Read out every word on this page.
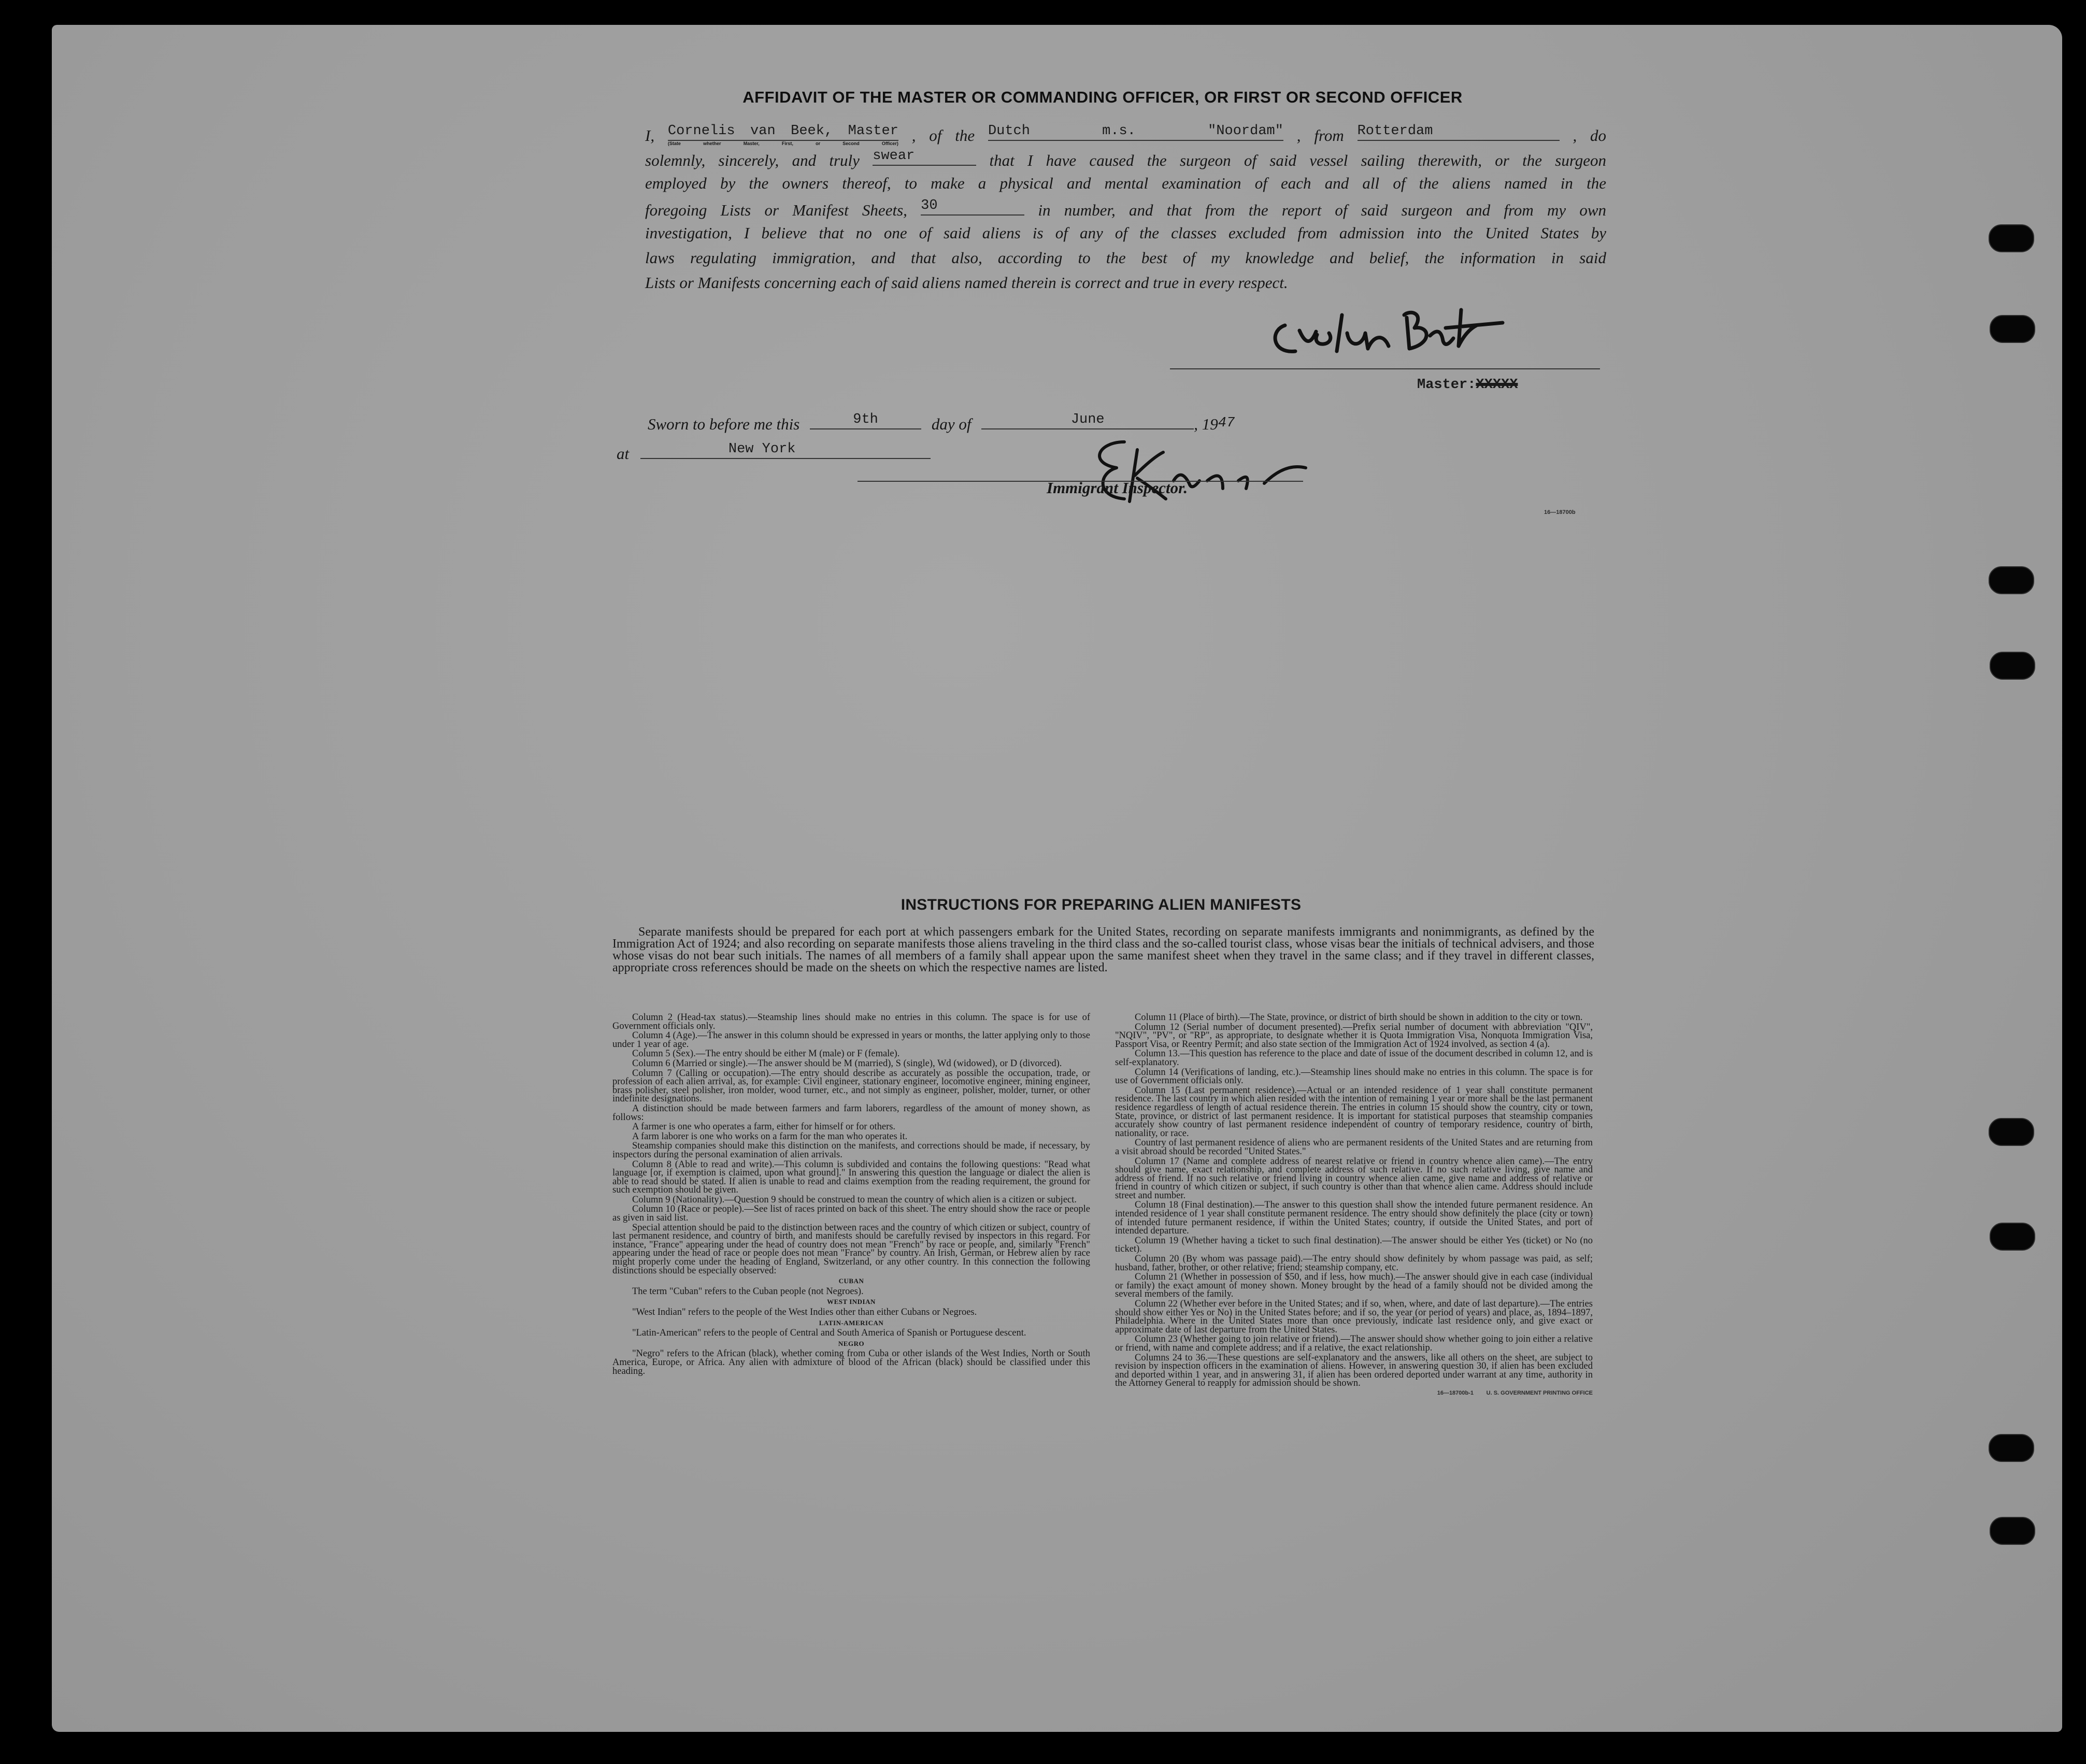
AFFIDAVIT OF THE MASTER OR COMMANDING OFFICER, OR FIRST OR SECOND OFFICER
I, Cornelis van Beek, Master
(State whether Master, First, or Second Officer) , of the Dutch m.s. "Noordam" , from Rotterdam	, do
solemnly, sincerely, and truly swear	that I have caused the surgeon of said vessel sailing therewith, or the surgeon
employed by the owners thereof, to make a physical and mental examination of each and all of the aliens named in the
foregoing Lists or Manifest Sheets, 30	in number, and that from the report of said surgeon and from my own
investigation, I believe that no one of said aliens is of any of the classes excluded from admission into the United States by
laws regulating immigration, and that also, according to the best of my knowledge and belief, the information in said
Lists or Manifests concerning each of said aliens named therein is correct and true in every respect.
Master:XXXXX
Sworn to before me this	9th	day of	June	, 1947
at	New York
Immigrant Inspector.
16—18700b
INSTRUCTIONS FOR PREPARING ALIEN MANIFESTS
Separate manifests should be prepared for each port at which passengers embark for the United States, recording on separate manifests immigrants and nonimmigrants, as defined by the Immigration Act of 1924; and also recording on separate manifests those aliens traveling in the third class and the so-called tourist class, whose visas bear the initials of technical advisers, and those whose visas do not bear such initials. The names of all members of a family shall appear upon the same manifest sheet when they travel in the same class; and if they travel in different classes, appropriate cross references should be made on the sheets on which the respective names are listed.

Column 2 (Head-tax status).—Steamship lines should make no entries in this column. The space is for use of Government officials only.

Column 4 (Age).—The answer in this column should be expressed in years or months, the latter applying only to those under 1 year of age.

Column 5 (Sex).—The entry should be either M (male) or F (female).

Column 6 (Married or single).—The answer should be M (married), S (single), Wd (widowed), or D (divorced).

Column 7 (Calling or occupation).—The entry should describe as accurately as possible the occupation, trade, or profession of each alien arrival, as, for example: Civil engineer, stationary engineer, locomotive engineer, mining engineer, brass polisher, steel polisher, iron molder, wood turner, etc., and not simply as engineer, polisher, molder, turner, or other indefinite designations.

A distinction should be made between farmers and farm laborers, regardless of the amount of money shown, as follows:

A farmer is one who operates a farm, either for himself or for others.

A farm laborer is one who works on a farm for the man who operates it.

Steamship companies should make this distinction on the manifests, and corrections should be made, if necessary, by inspectors during the personal examination of alien arrivals.

Column 8 (Able to read and write).—This column is subdivided and contains the following questions: "Read what language [or, if exemption is claimed, upon what ground]." In answering this question the language or dialect the alien is able to read should be stated. If alien is unable to read and claims exemption from the reading requirement, the ground for such exemption should be given.

Column 9 (Nationality).—Question 9 should be construed to mean the country of which alien is a citizen or subject.

Column 10 (Race or people).—See list of races printed on back of this sheet. The entry should show the race or people as given in said list.

Special attention should be paid to the distinction between races and the country of which citizen or subject, country of last permanent residence, and country of birth, and manifests should be carefully revised by inspectors in this regard. For instance, "France" appearing under the head of country does not mean "French" by race or people, and, similarly "French" appearing under the head of race or people does not mean "France" by country. An Irish, German, or Hebrew alien by race might properly come under the heading of England, Switzerland, or any other country. In this connection the following distinctions should be especially observed:

CUBAN

The term "Cuban" refers to the Cuban people (not Negroes).

WEST INDIAN

"West Indian" refers to the people of the West Indies other than either Cubans or Negroes.

LATIN-AMERICAN

"Latin-American" refers to the people of Central and South America of Spanish or Portuguese descent.

NEGRO

"Negro" refers to the African (black), whether coming from Cuba or other islands of the West Indies, North or South America, Europe, or Africa. Any alien with admixture of blood of the African (black) should be classified under this heading.

Column 11 (Place of birth).—The State, province, or district of birth should be shown in addition to the city or town.

Column 12 (Serial number of document presented).—Prefix serial number of document with abbreviation "QIV", "NQIV", "PV", or "RP", as appropriate, to designate whether it is Quota Immigration Visa, Nonquota Immigration Visa, Passport Visa, or Reentry Permit; and also state section of the Immigration Act of 1924 involved, as section 4 (a).

Column 13.—This question has reference to the place and date of issue of the document described in column 12, and is self-explanatory.

Column 14 (Verifications of landing, etc.).—Steamship lines should make no entries in this column. The space is for use of Government officials only.

Column 15 (Last permanent residence).—Actual or an intended residence of 1 year shall constitute permanent residence. The last country in which alien resided with the intention of remaining 1 year or more shall be the last permanent residence regardless of length of actual residence therein. The entries in column 15 should show the country, city or town, State, province, or district of last permanent residence. It is important for statistical purposes that steamship companies accurately show country of last permanent residence independent of country of temporary residence, country of birth, nationality, or race.

Country of last permanent residence of aliens who are permanent residents of the United States and are returning from a visit abroad should be recorded "United States."

Column 17 (Name and complete address of nearest relative or friend in country whence alien came).—The entry should give name, exact relationship, and complete address of such relative. If no such relative living, give name and address of friend. If no such relative or friend living in country whence alien came, give name and address of relative or friend in country of which citizen or subject, if such country is other than that whence alien came. Address should include street and number.

Column 18 (Final destination).—The answer to this question shall show the intended future permanent residence. An intended residence of 1 year shall constitute permanent residence. The entry should show definitely the place (city or town) of intended future permanent residence, if within the United States; country, if outside the United States, and port of intended departure.

Column 19 (Whether having a ticket to such final destination).—The answer should be either Yes (ticket) or No (no ticket).

Column 20 (By whom was passage paid).—The entry should show definitely by whom passage was paid, as self; husband, father, brother, or other relative; friend; steamship company, etc.

Column 21 (Whether in possession of $50, and if less, how much).—The answer should give in each case (individual or family) the exact amount of money shown. Money brought by the head of a family should not be divided among the several members of the family.

Column 22 (Whether ever before in the United States; and if so, when, where, and date of last departure).—The entries should show either Yes or No) in the United States before; and if so, the year (or period of years) and place, as, 1894–1897, Philadelphia. Where in the United States more than once previously, indicate last residence only, and give exact or approximate date of last departure from the United States.

Column 23 (Whether going to join relative or friend).—The answer should show whether going to join either a relative or friend, with name and complete address; and if a relative, the exact relationship.

Columns 24 to 36.—These questions are self-explanatory and the answers, like all others on the sheet, are subject to revision by inspection officers in the examination of aliens. However, in answering question 30, if alien has been excluded and deported within 1 year, and in answering 31, if alien has been ordered deported under warrant at any time, authority in the Attorney General to reapply for admission should be shown.

16—18700b-1 U. S. GOVERNMENT PRINTING OFFICE
